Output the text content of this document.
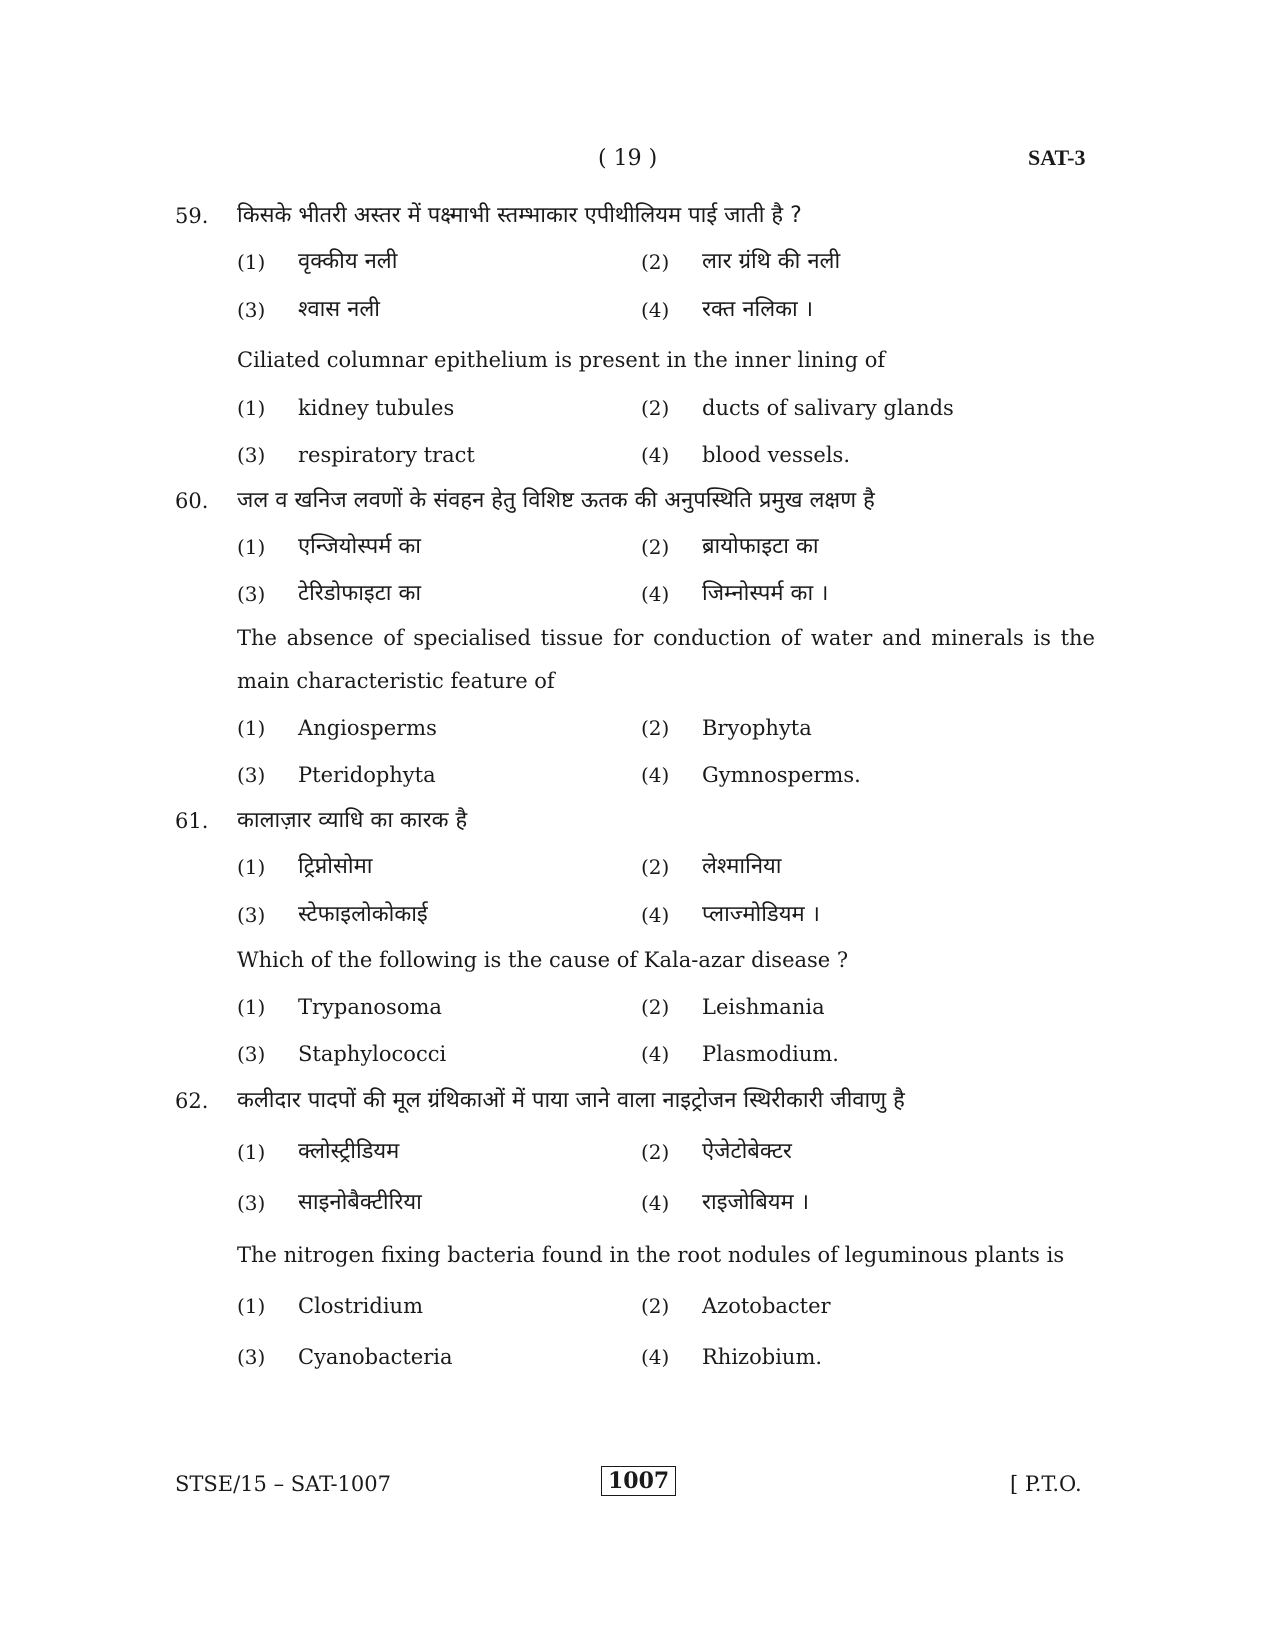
( 19 )	SAT-3
59. किसके भीतरी अस्तर में पक्ष्माभी स्तम्भाकार एपीथीलियम पाई जाती है ?
(1) वृक्कीय नली	(2) लार ग्रंथि की नली
(3) श्वास नली	(4) रक्त नलिका ।
Ciliated columnar epithelium is present in the inner lining of
(1) kidney tubules	(2) ducts of salivary glands
(3) respiratory tract	(4) blood vessels.
60. जल व खनिज लवणों के संवहन हेतु विशिष्ट ऊतक की अनुपस्थिति प्रमुख लक्षण है
(1) एन्जियोस्पर्म का	(2) ब्रायोफाइटा का
(3) टेरिडोफाइटा का	(4) जिम्नोस्पर्म का ।
The absence of specialised tissue for conduction of water and minerals is the main characteristic feature of
(1) Angiosperms	(2) Bryophyta
(3) Pteridophyta	(4) Gymnosperms.
61. कालाज़ार व्याधि का कारक है
(1) ट्रिप्नोसोमा	(2) लेश्मानिया
(3) स्टेफाइलोकोकाई	(4) प्लाज्मोडियम ।
Which of the following is the cause of Kala-azar disease ?
(1) Trypanosoma	(2) Leishmania
(3) Staphylococci	(4) Plasmodium.
62. कलीदार पादपों की मूल ग्रंथिकाओं में पाया जाने वाला नाइट्रोजन स्थिरीकारी जीवाणु है
(1) क्लोस्ट्रीडियम	(2) ऐजेटोबेक्टर
(3) साइनोबैक्टीरिया	(4) राइजोबियम ।
The nitrogen fixing bacteria found in the root nodules of leguminous plants is
(1) Clostridium	(2) Azotobacter
(3) Cyanobacteria	(4) Rhizobium.
STSE/15 – SAT-1007	1007	[ P.T.O.
